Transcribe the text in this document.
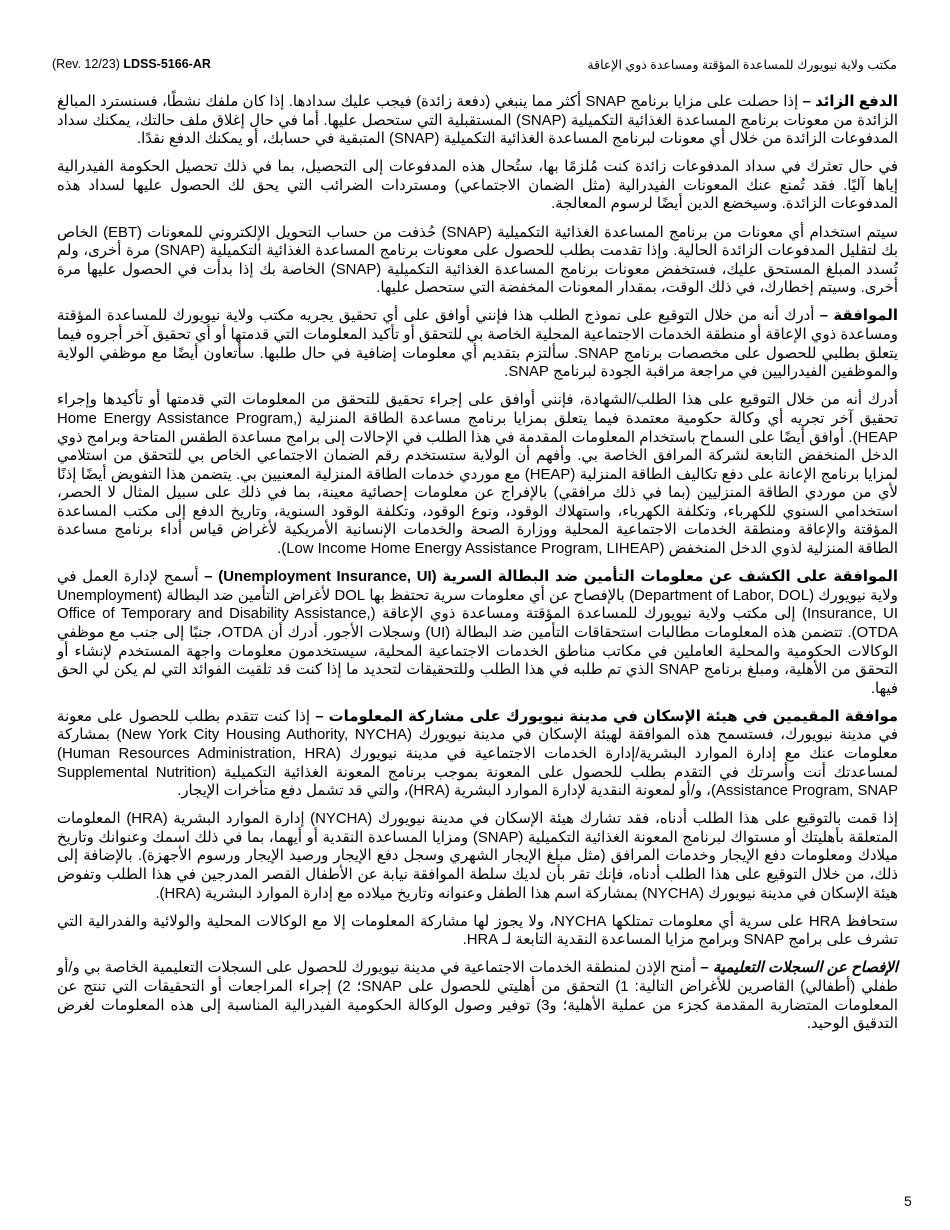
(Rev. 12/23) LDSS-5166-AR	مكتب ولاية نيويورك للمساعدة المؤقتة ومساعدة ذوي الإعاقة

الدفع الزائد – إذا حصلت على مزايا برنامج SNAP أكثر مما ينبغي (دفعة زائدة) فيجب عليك سدادها. إذا كان ملفك نشطًا، فسنسترد المبالغ الزائدة من معونات برنامج المساعدة الغذائية التكميلية (SNAP) المستقبلية التي ستحصل عليها. أما في حال إغلاق ملف حالتك، يمكنك سداد المدفوعات الزائدة من خلال أي معونات لبرنامج المساعدة الغذائية التكميلية (SNAP) المتبقية في حسابك، أو يمكنك الدفع نقدًا.

في حال تعثرك في سداد المدفوعات زائدة كنت مُلزمًا بها، ستُحال هذه المدفوعات إلى التحصيل، بما في ذلك تحصيل الحكومة الفيدرالية إياها آليًا. فقد تُمنع عنك المعونات الفيدرالية (مثل الضمان الاجتماعي) ومستردات الضرائب التي يحق لك الحصول عليها لسداد هذه المدفوعات الزائدة. وسيخضع الدين أيضًا لرسوم المعالجة.

سيتم استخدام أي معونات من برنامج المساعدة الغذائية التكميلية (SNAP) حُذفت من حساب التحويل الإلكتروني للمعونات (EBT) الخاص بك لتقليل المدفوعات الزائدة الحالية. وإذا تقدمت بطلب للحصول على معونات برنامج المساعدة الغذائية التكميلية (SNAP) مرة أخرى، ولم تُسدد المبلغ المستحق عليك، فستخفض معونات برنامج المساعدة الغذائية التكميلية (SNAP) الخاصة بك إذا بدأت في الحصول عليها مرة أخرى. وسيتم إخطارك، في ذلك الوقت، بمقدار المعونات المخفضة التي ستحصل عليها.

الموافقة – أدرك أنه من خلال التوقيع على نموذج الطلب هذا فإنني أوافق على أي تحقيق يجريه مكتب ولاية نيويورك للمساعدة المؤقتة ومساعدة ذوي الإعاقة أو منطقة الخدمات الاجتماعية المحلية الخاصة بي للتحقق أو تأكيد المعلومات التي قدمتها أو أي تحقيق آخر أجروه فيما يتعلق بطلبي للحصول على مخصصات برنامج SNAP. سألتزم بتقديم أي معلومات إضافية في حال طلبها. سأتعاون أيضًا مع موظفي الولاية والموظفين الفيدراليين في مراجعة مراقبة الجودة لبرنامج SNAP.

أدرك أنه من خلال التوقيع على هذا الطلب/الشهادة، فإنني أوافق على إجراء تحقيق للتحقق من المعلومات التي قدمتها أو تأكيدها وإجراء تحقيق آخر تجريه أي وكالة حكومية معتمدة فيما يتعلق بمزايا برنامج مساعدة الطاقة المنزلية (Home Energy Assistance Program, HEAP). أوافق أيضًا على السماح باستخدام المعلومات المقدمة في هذا الطلب في الإحالات إلى برامج مساعدة الطقس المتاحة وبرامج ذوي الدخل المنخفض التابعة لشركة المرافق الخاصة بي. وأفهم أن الولاية ستستخدم رقم الضمان الاجتماعي الخاص بي للتحقق من استلامي لمزايا برنامج الإعانة على دفع تكاليف الطاقة المنزلية (HEAP) مع موردي خدمات الطاقة المنزلية المعنيين بي. يتضمن هذا التفويض أيضًا إذنًا لأي من موردي الطاقة المنزليين (بما في ذلك مرافقي) بالإفراج عن معلومات إحصائية معينة، بما في ذلك على سبيل المثال لا الحصر، استخدامي السنوي للكهرباء، وتكلفة الكهرباء، واستهلاك الوقود، ونوع الوقود، وتكلفة الوقود السنوية، وتاريخ الدفع إلى مكتب المساعدة المؤقتة والإعاقة ومنطقة الخدمات الاجتماعية المحلية ووزارة الصحة والخدمات الإنسانية الأمريكية لأغراض قياس أداء برنامج مساعدة الطاقة المنزلية لذوي الدخل المنخفض (Low Income Home Energy Assistance Program, LIHEAP).

الموافقة على الكشف عن معلومات التأمين ضد البطالة السرية (Unemployment Insurance, UI) – أسمح لإدارة العمل في ولاية نيويورك (Department of Labor, DOL) بالإفصاح عن أي معلومات سرية تحتفظ بها DOL لأغراض التأمين ضد البطالة (Unemployment Insurance, UI) إلى مكتب ولاية نيويورك للمساعدة المؤقتة ومساعدة ذوي الإعاقة (Office of Temporary and Disability Assistance, OTDA). تتضمن هذه المعلومات مطالبات استحقاقات التأمين ضد البطالة (UI) وسجلات الأجور. أدرك أن OTDA، جنبًا إلى جنب مع موظفي الوكالات الحكومية والمحلية العاملين في مكاتب مناطق الخدمات الاجتماعية المحلية، سيستخدمون معلومات واجهة المستخدم لإنشاء أو التحقق من الأهلية، ومبلغ برنامج SNAP الذي تم طلبه في هذا الطلب وللتحقيقات لتحديد ما إذا كنت قد تلقيت الفوائد التي لم يكن لي الحق فيها.

موافقة المقيمين في هيئة الإسكان في مدينة نيويورك على مشاركة المعلومات – إذا كنت تتقدم بطلب للحصول على معونة في مدينة نيويورك، فستسمح هذه الموافقة لهيئة الإسكان في مدينة نيويورك (New York City Housing Authority, NYCHA) بمشاركة معلومات عنك مع إدارة الموارد البشرية/إدارة الخدمات الاجتماعية في مدينة نيويورك (Human Resources Administration, HRA) لمساعدتك أنت وأسرتك في التقدم بطلب للحصول على المعونة بموجب برنامج المعونة الغذائية التكميلية (Supplemental Nutrition Assistance Program, SNAP)، و/أو لمعونة النقدية لإدارة الموارد البشرية (HRA)، والتي قد تشمل دفع متأخرات الإيجار.

إذا قمت بالتوقيع على هذا الطلب أدناه، فقد تشارك هيئة الإسكان في مدينة نيويورك (NYCHA) إدارة الموارد البشرية (HRA) المعلومات المتعلقة بأهليتك أو مستواك لبرنامج المعونة الغذائية التكميلية (SNAP) ومزايا المساعدة النقدية أو أيهما، بما في ذلك اسمك وعنوانك وتاريخ ميلادك ومعلومات دفع الإيجار وخدمات المرافق (مثل مبلغ الإيجار الشهري وسجل دفع الإيجار ورصيد الإيجار ورسوم الأجهزة). بالإضافة إلى ذلك، من خلال التوقيع على هذا الطلب أدناه، فإنك تقر بأن لديك سلطة الموافقة نيابة عن الأطفال القصر المدرجين في هذا الطلب وتفوض هيئة الإسكان في مدينة نيويورك (NYCHA) بمشاركة اسم هذا الطفل وعنوانه وتاريخ ميلاده مع إدارة الموارد البشرية (HRA).

ستحافظ HRA على سرية أي معلومات تمتلكها NYCHA، ولا يجوز لها مشاركة المعلومات إلا مع الوكالات المحلية والولائية والفدرالية التي تشرف على برامج SNAP وبرامج مزايا المساعدة النقدية التابعة لـ HRA.

الإفصاح عن السجلات التعليمية – أمنح الإذن لمنطقة الخدمات الاجتماعية في مدينة نيويورك للحصول على السجلات التعليمية الخاصة بي و/أو طفلي (أطفالي) القاصرين للأغراض التالية: 1) التحقق من أهليتي للحصول على SNAP؛ 2) إجراء المراجعات أو التحقيقات التي تنتج عن المعلومات المتضاربة المقدمة كجزء من عملية الأهلية؛ و3) توفير وصول الوكالة الحكومية الفيدرالية المناسبة إلى هذه المعلومات لغرض التدقيق الوحيد.

5
